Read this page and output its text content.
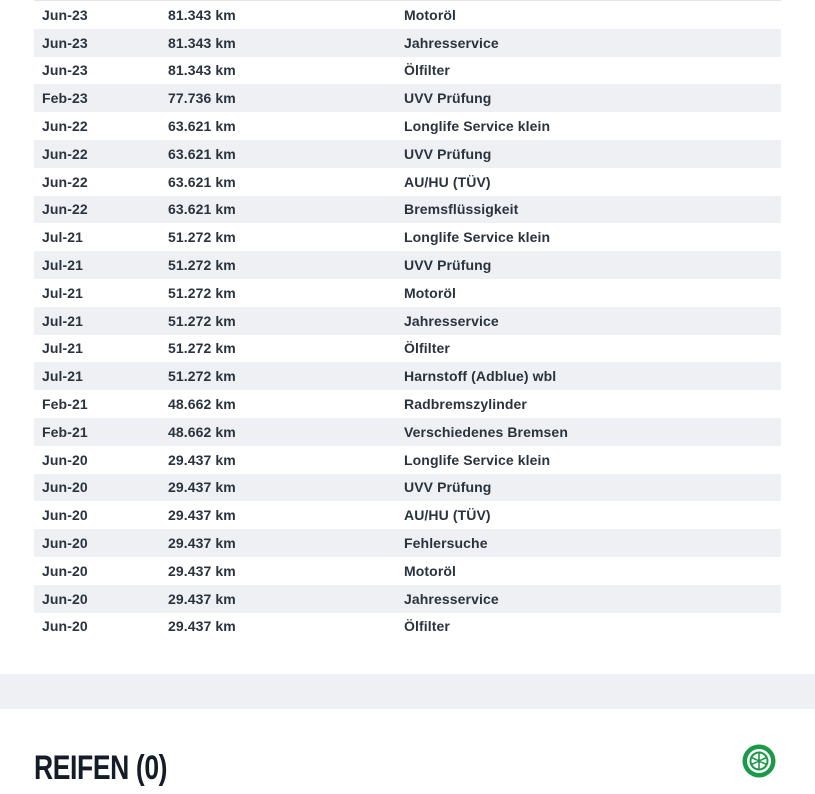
Jun-23	81.343 km	Motoröl
Jun-23	81.343 km	Jahresservice
Jun-23	81.343 km	Ölfilter
Feb-23	77.736 km	UVV Prüfung
Jun-22	63.621 km	Longlife Service klein
Jun-22	63.621 km	UVV Prüfung
Jun-22	63.621 km	AU/HU (TÜV)
Jun-22	63.621 km	Bremsflüssigkeit
Jul-21	51.272 km	Longlife Service klein
Jul-21	51.272 km	UVV Prüfung
Jul-21	51.272 km	Motoröl
Jul-21	51.272 km	Jahresservice
Jul-21	51.272 km	Ölfilter
Jul-21	51.272 km	Harnstoff (Adblue) wbl
Feb-21	48.662 km	Radbremszylinder
Feb-21	48.662 km	Verschiedenes Bremsen
Jun-20	29.437 km	Longlife Service klein
Jun-20	29.437 km	UVV Prüfung
Jun-20	29.437 km	AU/HU (TÜV)
Jun-20	29.437 km	Fehlersuche
Jun-20	29.437 km	Motoröl
Jun-20	29.437 km	Jahresservice
Jun-20	29.437 km	Ölfilter
REIFEN (0)
